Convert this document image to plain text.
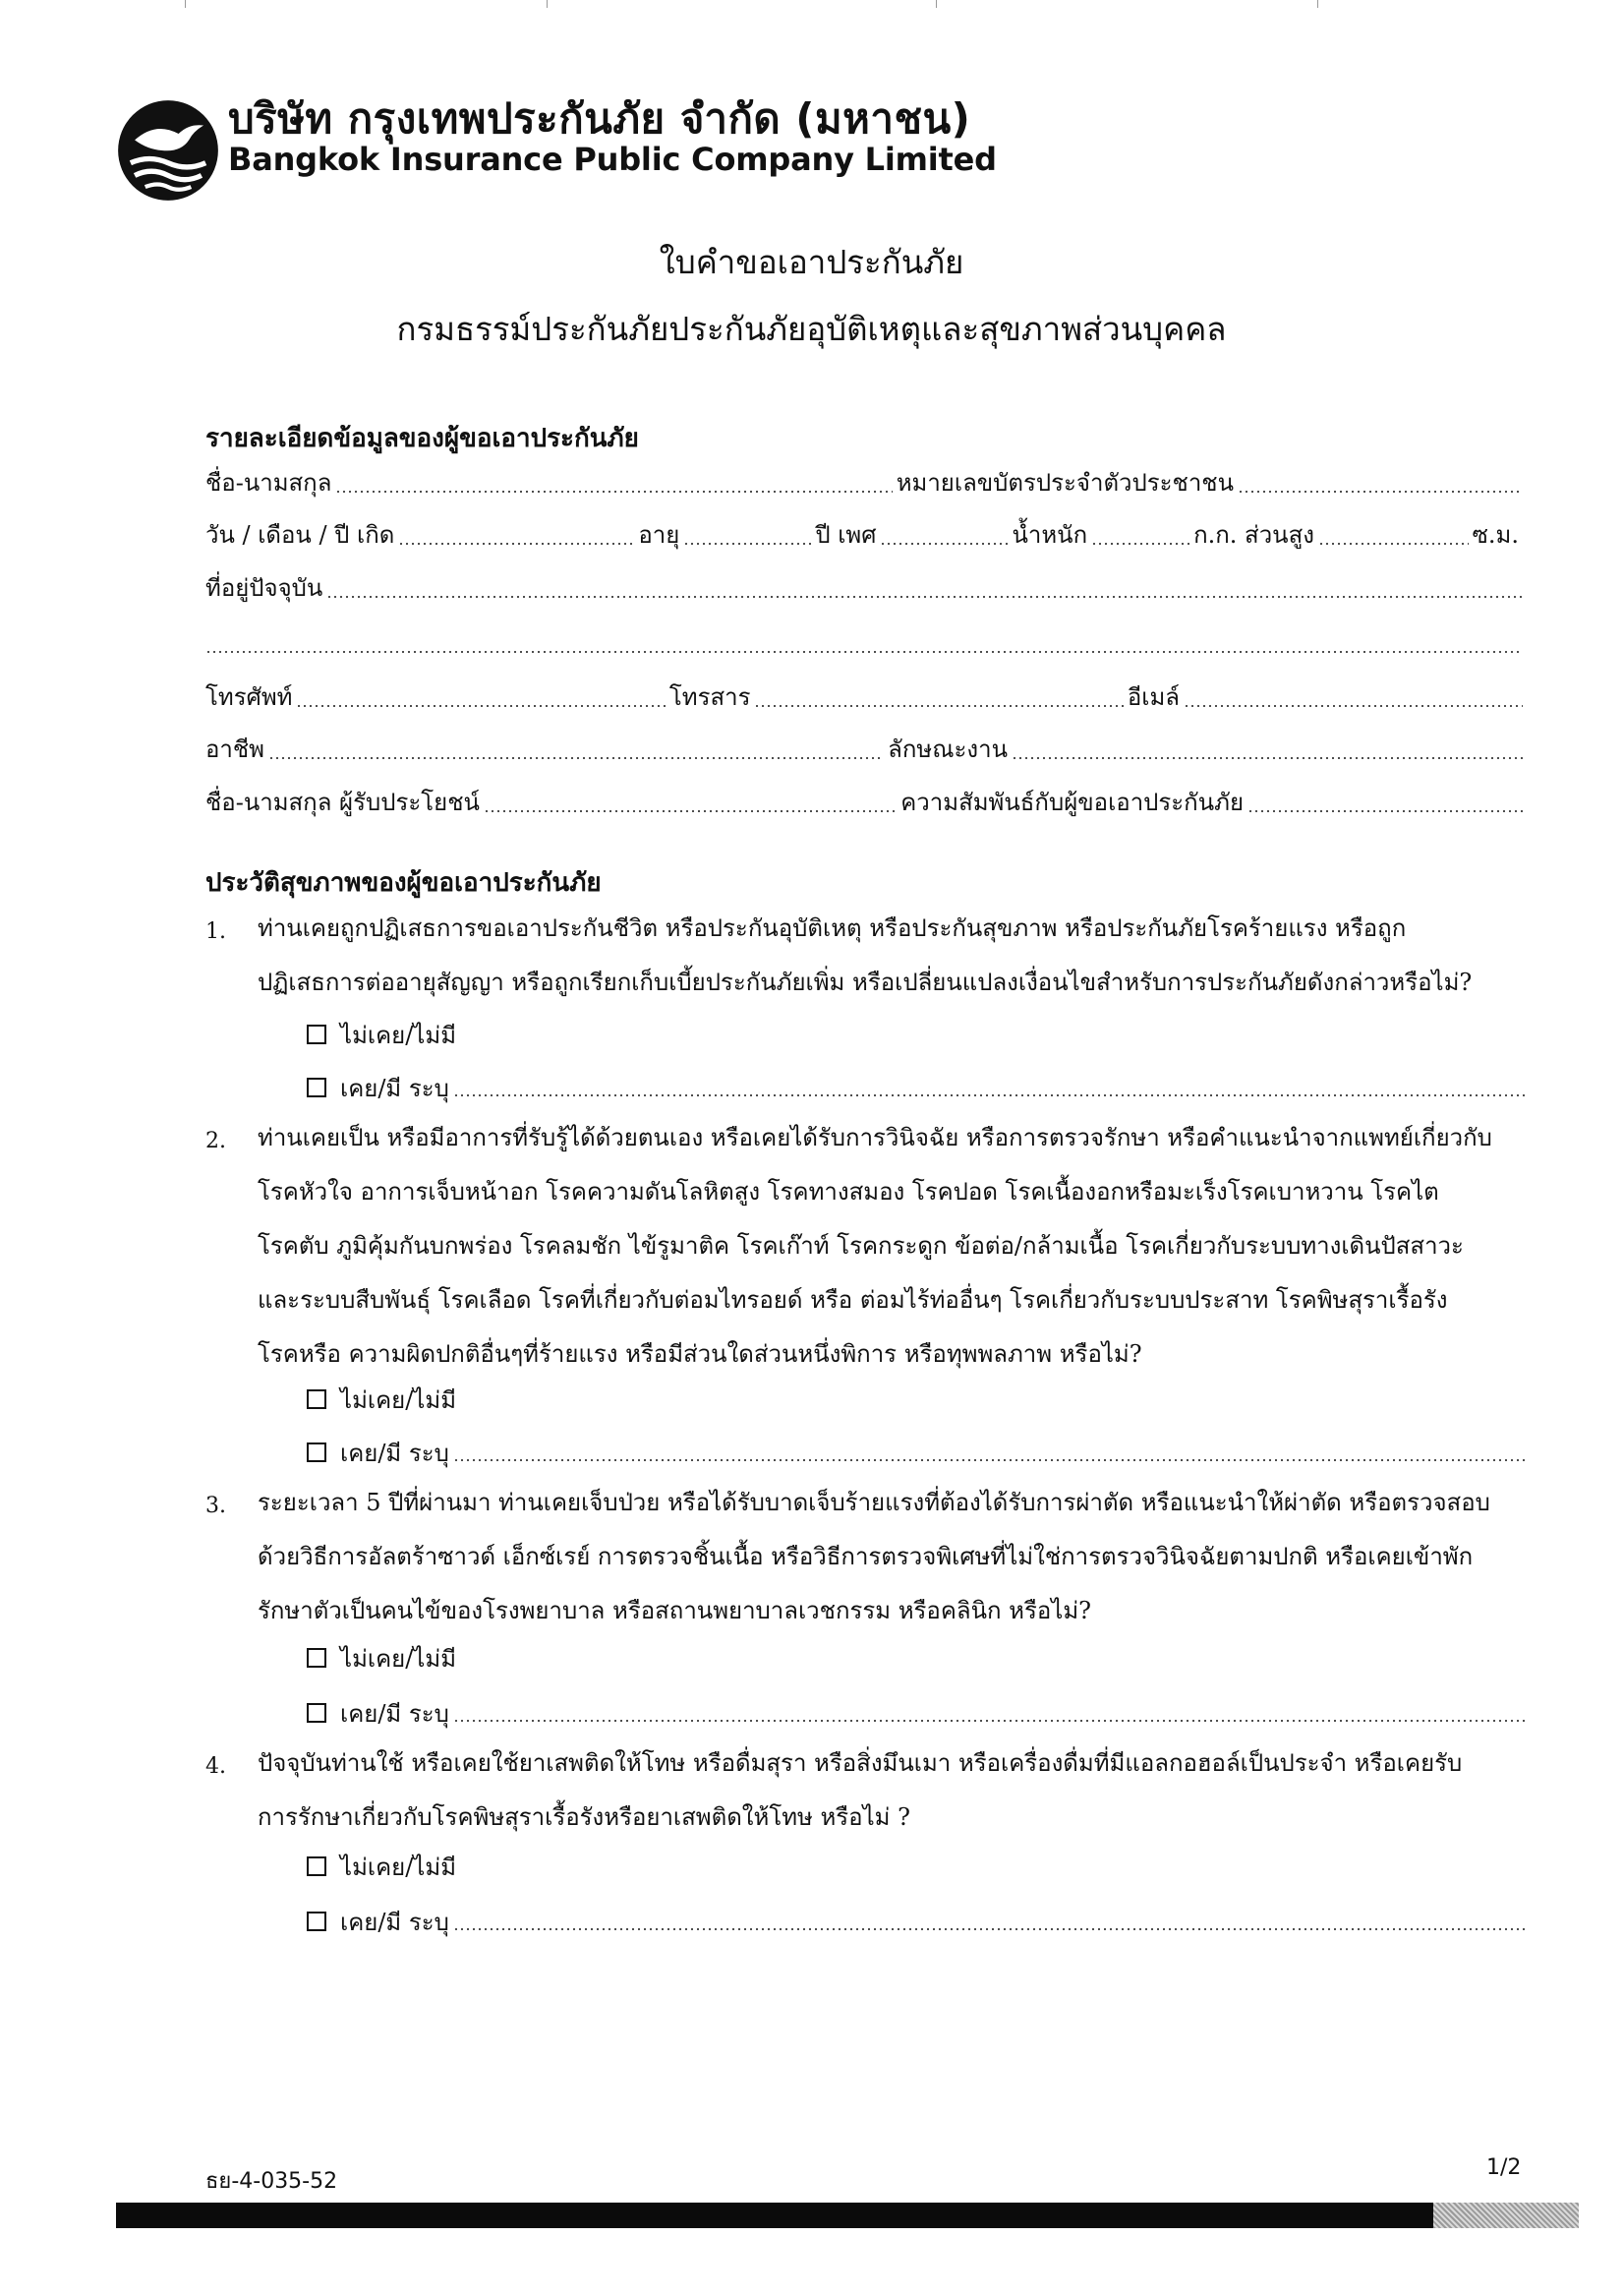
บริษัท กรุงเทพประกันภัย จำกัด (มหาชน)
Bangkok Insurance Public Company Limited
ใบคำขอเอาประกันภัย
กรมธรรม์ประกันภัยประกันภัยอุบัติเหตุและสุขภาพส่วนบุคคล
รายละเอียดข้อมูลของผู้ขอเอาประกันภัย
ชื่อ-นามสกุล	หมายเลขบัตรประจำตัวประชาชน
วัน / เดือน / ปี เกิด	อายุ	ปี เพศ	น้ำหนัก	ก.ก. ส่วนสูง	ซ.ม.
ที่อยู่ปัจจุบัน
โทรศัพท์	โทรสาร	อีเมล์
อาชีพ	ลักษณะงาน
ชื่อ-นามสกุล ผู้รับประโยชน์	ความสัมพันธ์กับผู้ขอเอาประกันภัย
ประวัติสุขภาพของผู้ขอเอาประกันภัย
1. ท่านเคยถูกปฏิเสธการขอเอาประกันชีวิต หรือประกันอุบัติเหตุ หรือประกันสุขภาพ หรือประกันภัยโรคร้ายแรง หรือถูก
ปฏิเสธการต่ออายุสัญญา หรือถูกเรียกเก็บเบี้ยประกันภัยเพิ่ม หรือเปลี่ยนแปลงเงื่อนไขสำหรับการประกันภัยดังกล่าวหรือไม่?
ไม่เคย/ไม่มี
เคย/มี ระบุ
2. ท่านเคยเป็น หรือมีอาการที่รับรู้ได้ด้วยตนเอง หรือเคยได้รับการวินิจฉัย หรือการตรวจรักษา หรือคำแนะนำจากแพทย์เกี่ยวกับ
โรคหัวใจ อาการเจ็บหน้าอก โรคความดันโลหิตสูง โรคทางสมอง โรคปอด โรคเนื้องอกหรือมะเร็งโรคเบาหวาน โรคไต
โรคตับ ภูมิคุ้มกันบกพร่อง โรคลมชัก ไข้รูมาติค โรคเก๊าท์ โรคกระดูก ข้อต่อ/กล้ามเนื้อ โรคเกี่ยวกับระบบทางเดินปัสสาวะ
และระบบสืบพันธุ์ โรคเลือด โรคที่เกี่ยวกับต่อมไทรอยด์ หรือ ต่อมไร้ท่ออื่นๆ โรคเกี่ยวกับระบบประสาท โรคพิษสุราเรื้อรัง
โรคหรือ ความผิดปกติอื่นๆที่ร้ายแรง หรือมีส่วนใดส่วนหนึ่งพิการ หรือทุพพลภาพ หรือไม่?
ไม่เคย/ไม่มี
เคย/มี ระบุ
3. ระยะเวลา 5 ปีที่ผ่านมา ท่านเคยเจ็บป่วย หรือได้รับบาดเจ็บร้ายแรงที่ต้องได้รับการผ่าตัด หรือแนะนำให้ผ่าตัด หรือตรวจสอบ
ด้วยวิธีการอัลตร้าซาวด์ เอ็กซ์เรย์ การตรวจชิ้นเนื้อ หรือวิธีการตรวจพิเศษที่ไม่ใช่การตรวจวินิจฉัยตามปกติ หรือเคยเข้าพัก
รักษาตัวเป็นคนไข้ของโรงพยาบาล หรือสถานพยาบาลเวชกรรม หรือคลินิก หรือไม่?
ไม่เคย/ไม่มี
เคย/มี ระบุ
4. ปัจจุบันท่านใช้ หรือเคยใช้ยาเสพติดให้โทษ หรือดื่มสุรา หรือสิ่งมึนเมา หรือเครื่องดื่มที่มีแอลกอฮอล์เป็นประจำ หรือเคยรับ
การรักษาเกี่ยวกับโรคพิษสุราเรื้อรังหรือยาเสพติดให้โทษ หรือไม่ ?
ไม่เคย/ไม่มี
เคย/มี ระบุ
ธย-4-035-52
1/2
